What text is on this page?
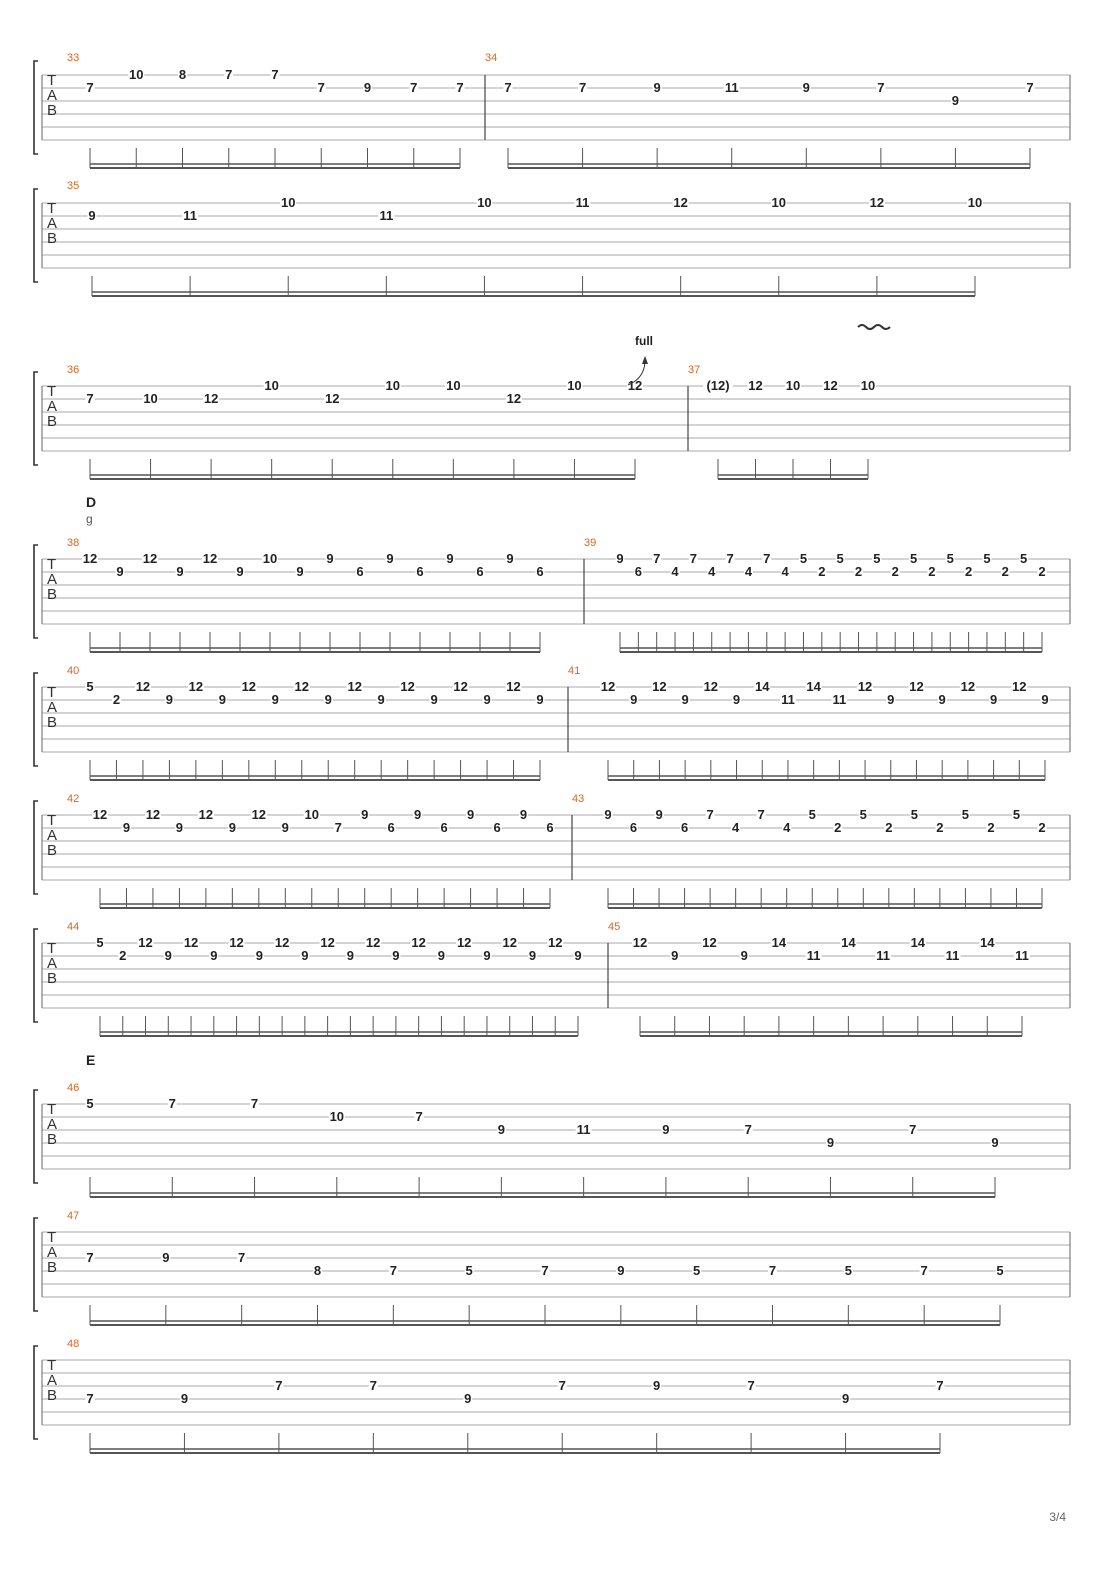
33	34
35
36	37
D
g
38	39
40	41
42	43
44	45
E
46
47
48
T
A
B
7
10	8	7	7
7	9	7	7	7	7	9	11	9	7
9
7
T
A
B
9	11
10
11
10	11	12	10	12	10
T
A
B
7	10	12
10
12
10	10
12
10	12	(12) 12 10 12 10
T
A
B
12
9
12
9
12
9
10
9
9
6
9
6
9
6
9
6
9
6
7
4
7
4
7
4
7
4
5
2
5
2
5
2
5
2
5
2
5
2
5
2
T
A
B
5
2
12
9
12
9
12
9
12
9
12
9
12
9
12
9
12
9
12
9
12
9
12
9
14
11
14
11
12
9
12
9
12
9
12
9
T
A
B
12
9
12
9
12
9
12
9
10
7
9
6
9
6
9
6
9
6
9
6
9
6
7
4
7
4
5
2
5
2
5
2
5
2
5
2
T
A
B
5
2
12
9
12
9
12
9
12
9
12
9
12
9
12
9
12
9
12
9
12
9
12
9
12
9
14
11
14
11
14
11
14
11
T
A
B
5	7	7
10	7
9	11	9	7
9
7
9
T
A
B
7	9	7
8	7	5	7	9	5	7	5	7	5
T
A
B 7	9
7	7
9
7	9	7
9
7
full
3/4
